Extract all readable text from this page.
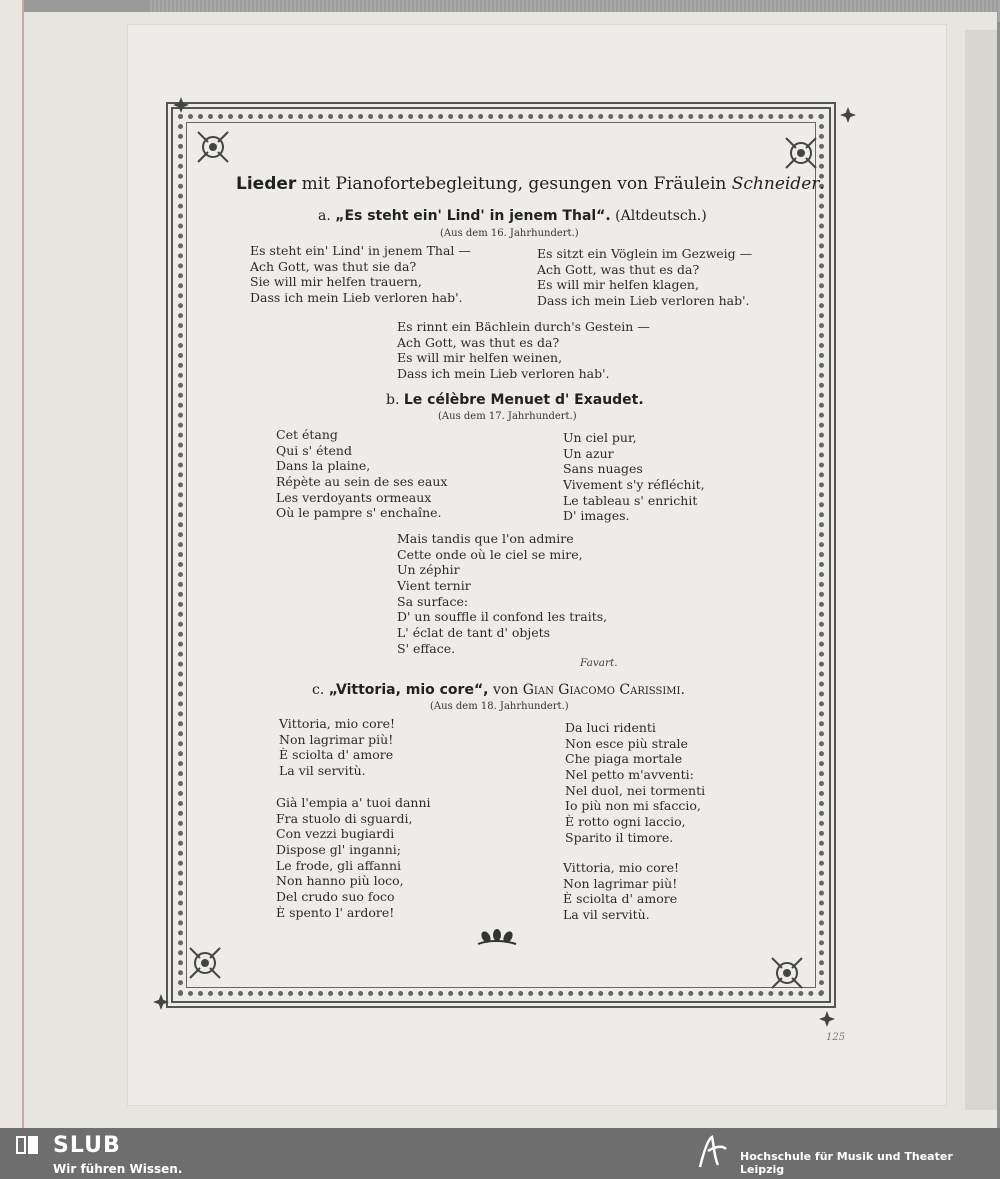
Lieder mit Pianofortebegleitung, gesungen von Fräulein Schneider.
a. „Es steht ein' Lind' in jenem Thal“. (Altdeutsch.)
(Aus dem 16. Jahrhundert.)
Es steht ein' Lind' in jenem Thal —
Ach Gott, was thut sie da?
Sie will mir helfen trauern,
Dass ich mein Lieb verloren hab'.
Es sitzt ein Vöglein im Gezweig —
Ach Gott, was thut es da?
Es will mir helfen klagen,
Dass ich mein Lieb verloren hab'.
Es rinnt ein Bächlein durch's Gestein —
Ach Gott, was thut es da?
Es will mir helfen weinen,
Dass ich mein Lieb verloren hab'.
b. Le célèbre Menuet d' Exaudet.
(Aus dem 17. Jahrhundert.)
Cet étang
Qui s' étend
Dans la plaine,
Répète au sein de ses eaux
Les verdoyants ormeaux
Où le pampre s' enchaîne.
Un ciel pur,
Un azur
Sans nuages
Vivement s'y réfléchit,
Le tableau s' enrichit
D' images.
Mais tandis que l'on admire
Cette onde où le ciel se mire,
Un zéphir
Vient ternir
Sa surface:
D' un souffle il confond les traits,
L' éclat de tant d' objets
S' efface.
Favart.
c. „Vittoria, mio core“, von Gian Giacomo Carissimi.
(Aus dem 18. Jahrhundert.)
Vittoria, mio core!
Non lagrimar più!
È sciolta d' amore
La vil servitù.
Già l'empia a' tuoi danni
Fra stuolo di sguardi,
Con vezzi bugiardi
Dispose gl' inganni;
Le frode, gli affanni
Non hanno più loco,
Del crudo suo foco
È spento l' ardore!
Da luci ridenti
Non esce più strale
Che piaga mortale
Nel petto m'avventi:
Nel duol, nei tormenti
Io più non mi sfaccio,
È rotto ogni laccio,
Sparito il timore.
Vittoria, mio core!
Non lagrimar più!
È sciolta d' amore
La vil servitù.
125
SLUB
Wir führen Wissen.
Hochschule für Musik und Theater Leipzig
